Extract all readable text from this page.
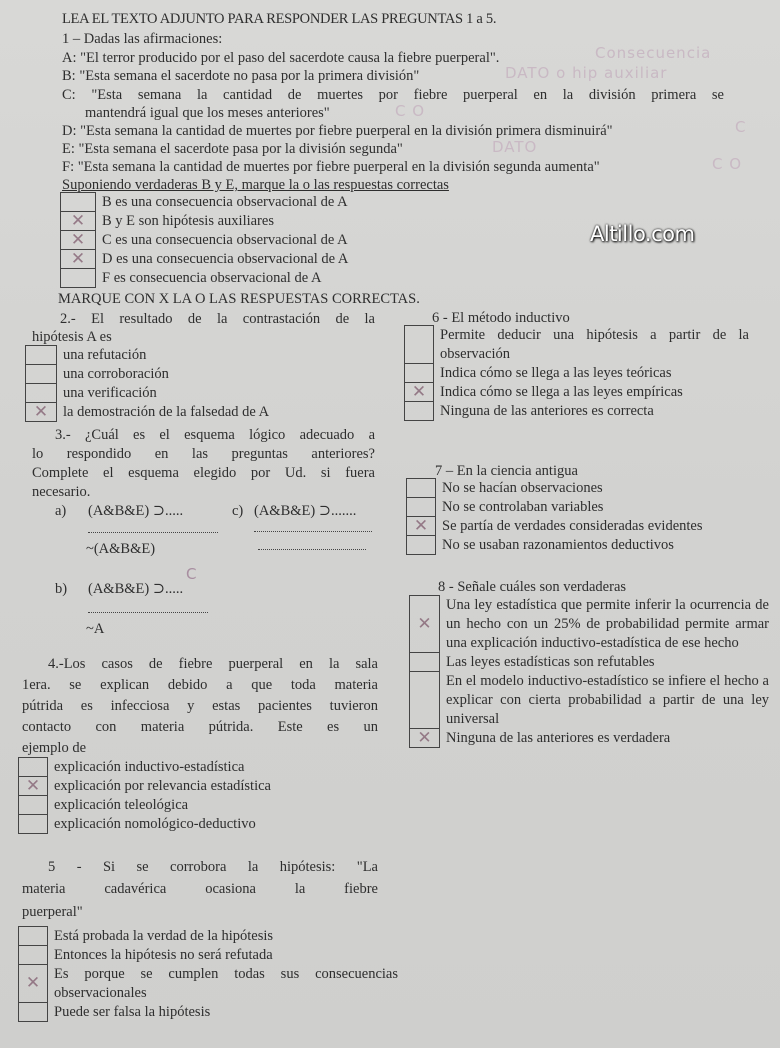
LEA EL TEXTO ADJUNTO PARA RESPONDER LAS PREGUNTAS 1 a 5.
1 – Dadas las afirmaciones:
A: "El terror producido por el paso del sacerdote causa la fiebre puerperal".
B: "Esta semana el sacerdote no pasa por la primera división"
C: "Esta semana la cantidad de muertes por fiebre puerperal en la división primera se
mantendrá igual que los meses anteriores"
D: "Esta semana la cantidad de muertes por fiebre puerperal en la división primera disminuirá"
E: "Esta semana el sacerdote pasa por la división segunda"
F: "Esta semana la cantidad de muertes por fiebre puerperal en la división segunda aumenta"
Consecuencia
DATO o hip auxiliar
C O
C
DATO
C O
Suponiendo verdaderas B y E, marque la o las respuestas correctas
B es una consecuencia observacional de A
✕	B y E son hipótesis auxiliares
✕	C es una consecuencia observacional de A
✕	D es una consecuencia observacional de A
F es consecuencia observacional de A
Altillo.com
MARQUE CON X LA O LAS RESPUESTAS CORRECTAS.
2.- El resultado de la contrastación de la
hipótesis A es
una refutación
una corroboración
una verificación
✕	la demostración de la falsedad de A
3.- ¿Cuál es el esquema lógico adecuado a
lo respondido en las preguntas anteriores?
Complete el esquema elegido por Ud. si fuera
necesario.
a) (A&B&E) ⊃.....
~(A&B&E)
c) (A&B&E) ⊃.......
b) (A&B&E) ⊃.....
C
~A
4.-Los casos de fiebre puerperal en la sala
1era. se explican debido a que toda materia
pútrida es infecciosa y estas pacientes tuvieron
contacto con materia pútrida. Este es un
ejemplo de
explicación inductivo-estadística
✕ explicación por relevancia estadística
explicación teleológica
explicación nomológico-deductivo
5 - Si se corrobora la hipótesis: "La
materia cadavérica ocasiona la fiebre
puerperal"
Está probada la verdad de la hipótesis
Entonces la hipótesis no será refutada
✕ Es porque se cumplen todas sus consecuencias observacionales
Puede ser falsa la hipótesis
6 - El método inductivo
Permite deducir una hipótesis a partir de la observación
Indica cómo se llega a las leyes teóricas
✕ Indica cómo se llega a las leyes empíricas
Ninguna de las anteriores es correcta
7 – En la ciencia antigua
No se hacían observaciones
No se controlaban variables
✕ Se partía de verdades consideradas evidentes
No se usaban razonamientos deductivos
8 - Señale cuáles son verdaderas
✕
Una ley estadística que permite inferir la ocurrencia de un hecho con un 25% de probabilidad permite armar una explicación inductivo-estadística de ese hecho
Las leyes estadísticas son refutables
En el modelo inductivo-estadístico se infiere el hecho a explicar con cierta probabilidad a partir de una ley universal
✕ Ninguna de las anteriores es verdadera
